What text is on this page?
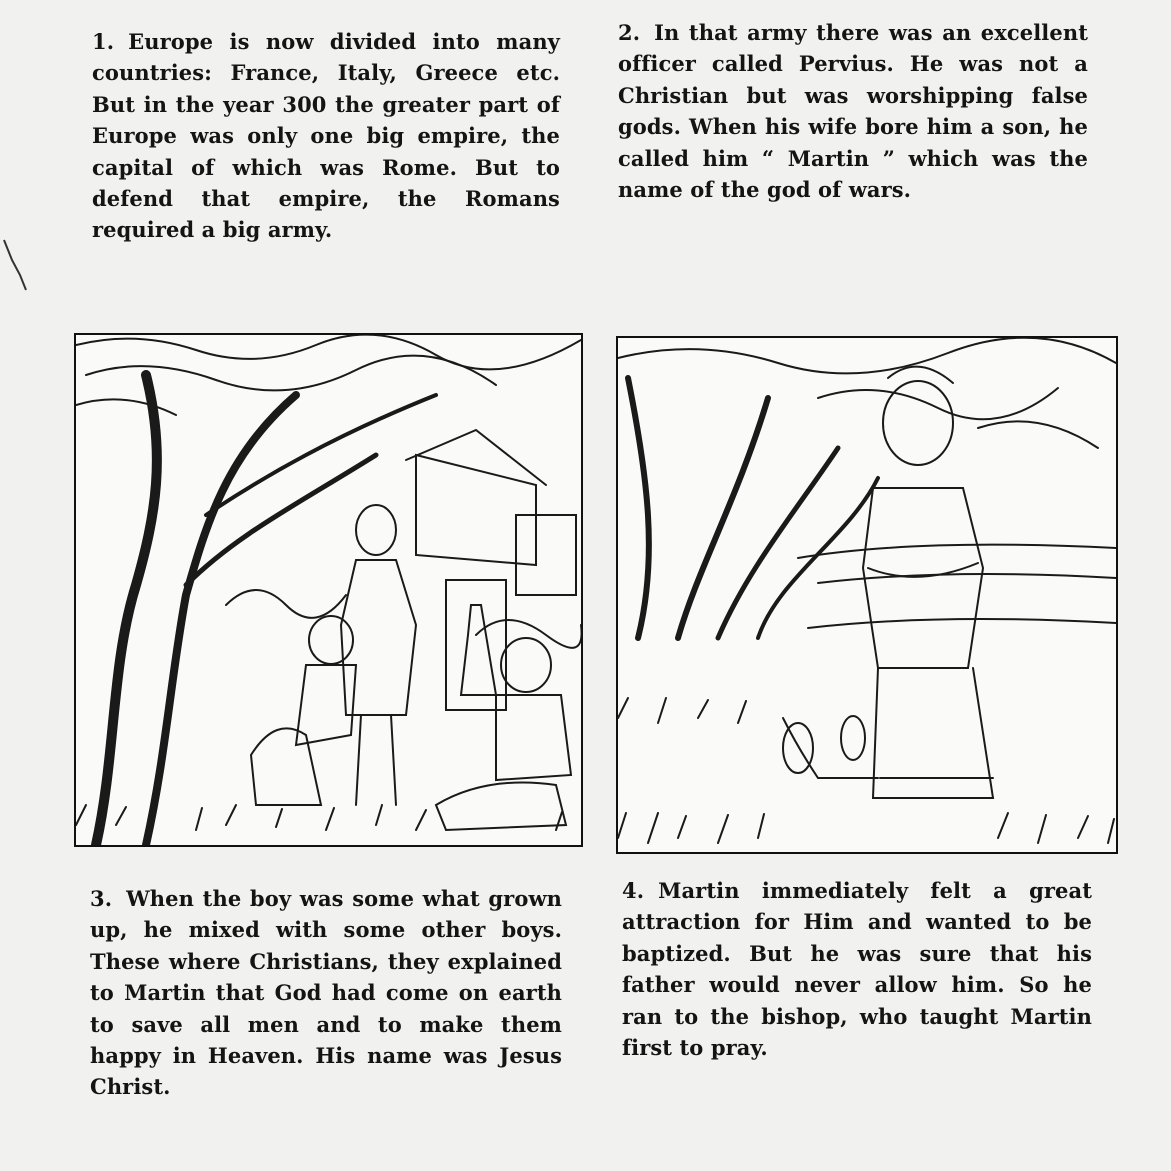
1. Europe is now divided into many countries: France, Italy, Greece etc. But in the year 300 the greater part of Europe was only one big empire, the capital of which was Rome. But to defend that empire, the Romans required a big army.
2. In that army there was an excellent officer called Pervius. He was not a Christian but was worshipping false gods. When his wife bore him a son, he called him “ Martin ” which was the name of the god of wars.
3. When the boy was some what grown up, he mixed with some other boys. These where Christians, they explained to Martin that God had come on earth to save all men and to make them happy in Heaven. His name was Jesus Christ.
4. Martin immediately felt a great attraction for Him and wanted to be baptized. But he was sure that his father would never allow him. So he ran to the bishop, who taught Martin first to pray.
